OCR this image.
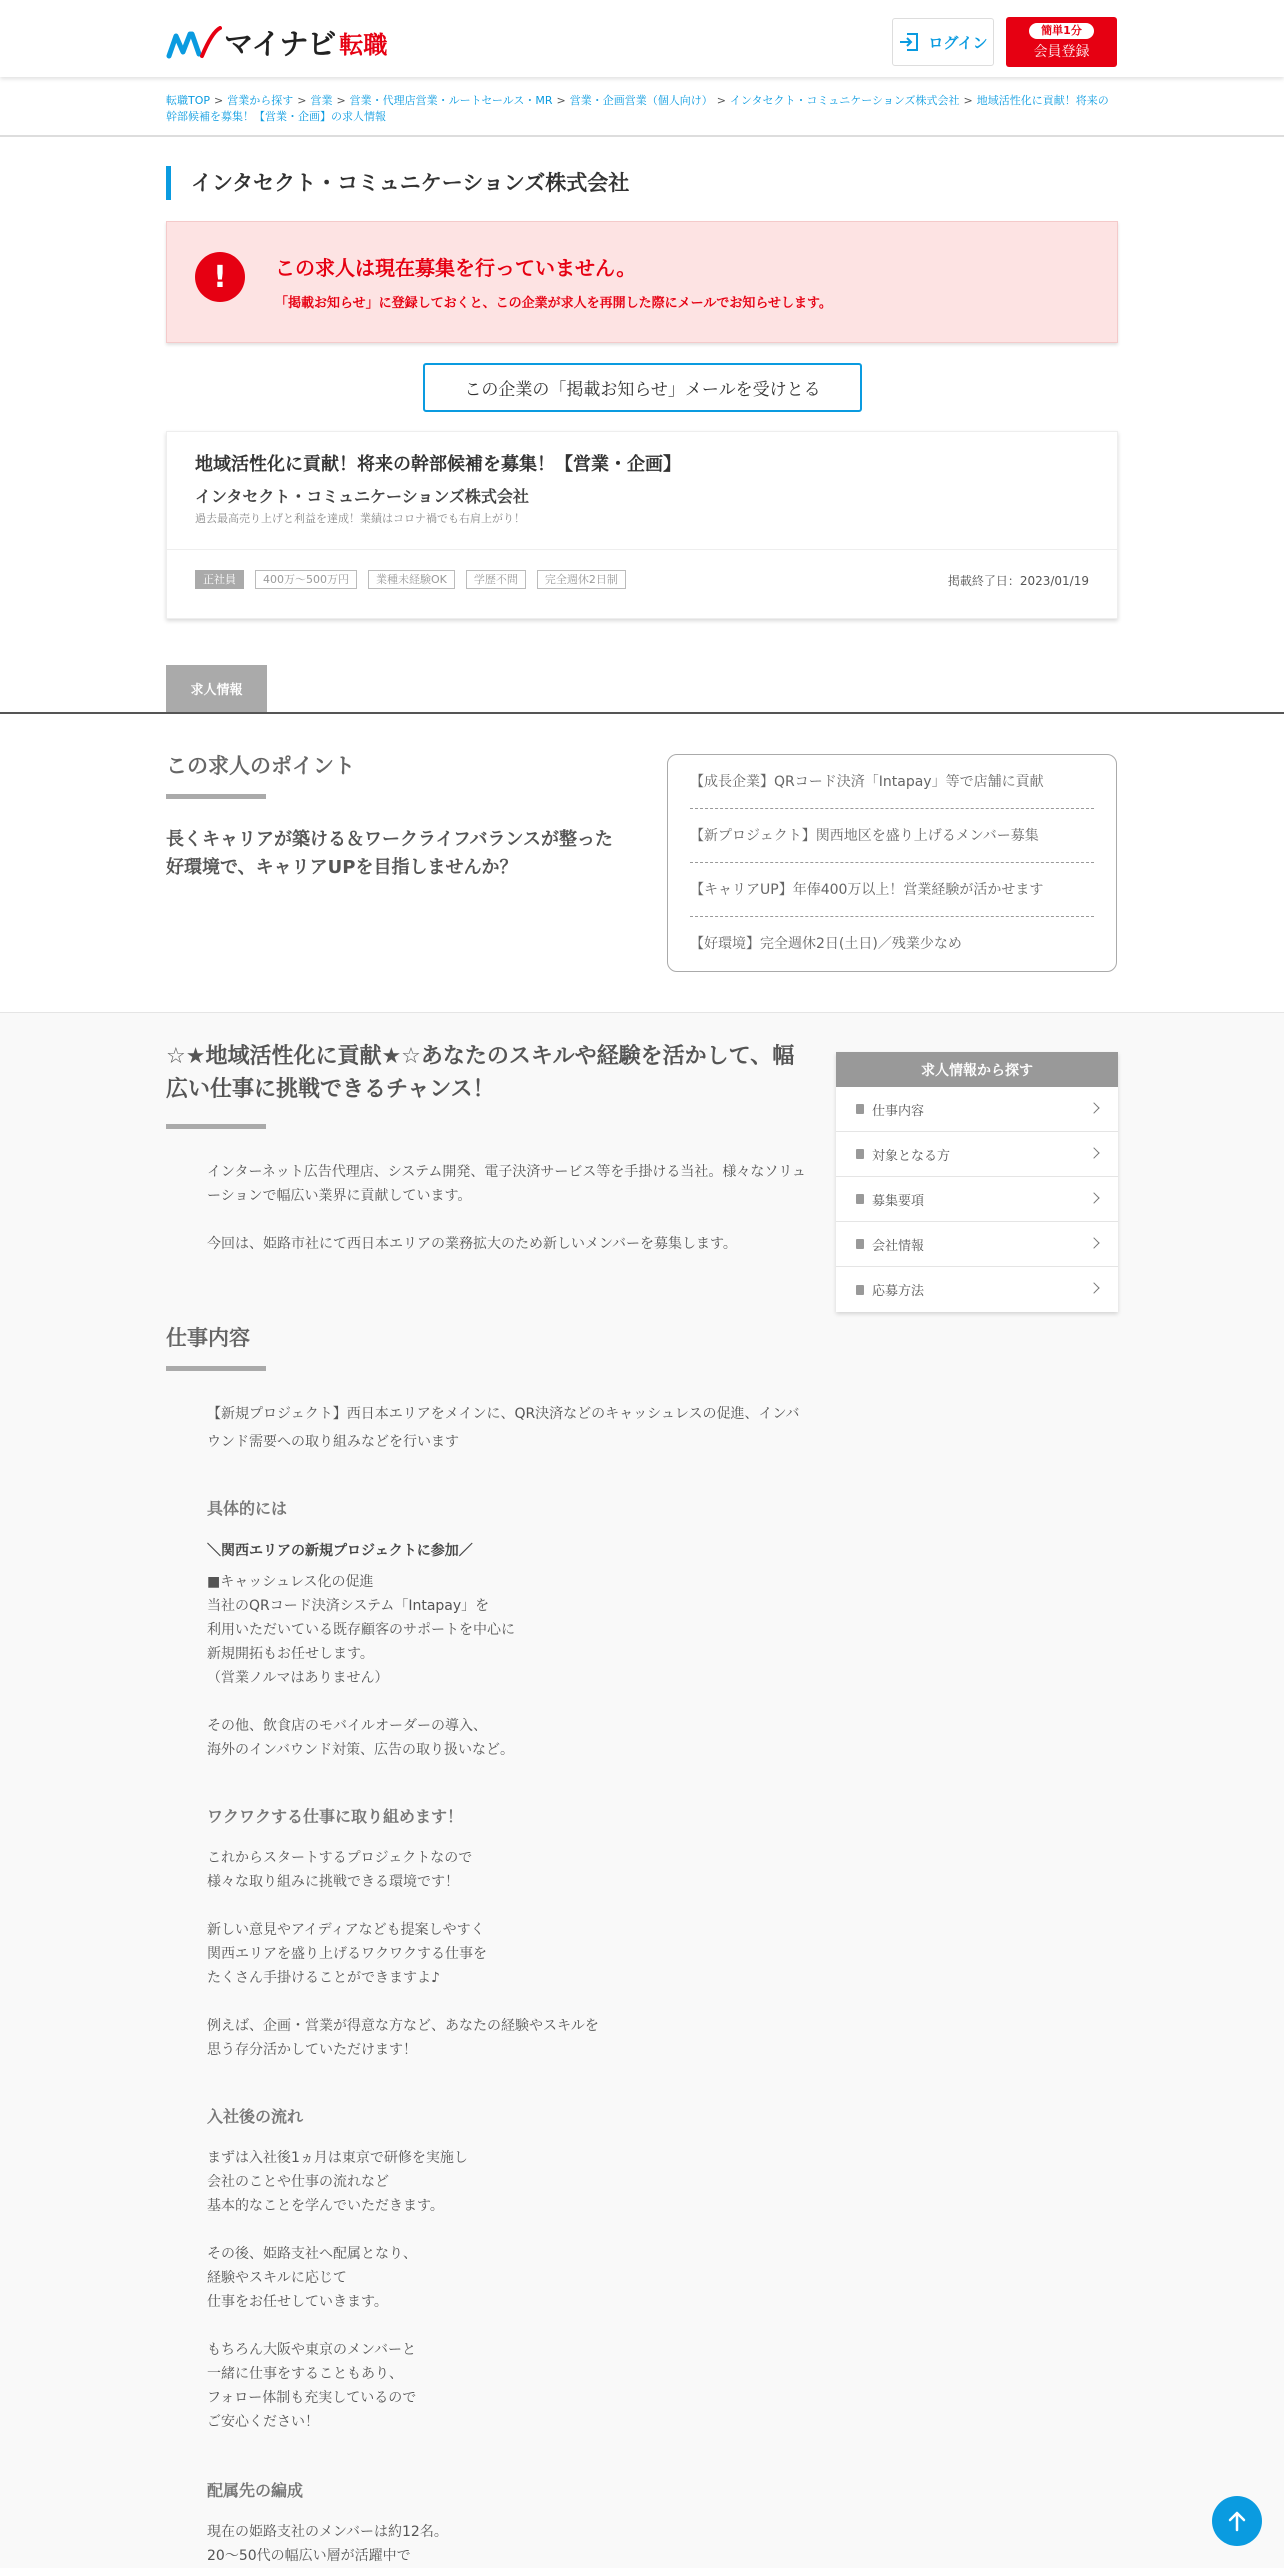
マイナビ 転職	ログイン
簡単1分
会員登録
転職TOP > 営業から探す > 営業 > 営業・代理店営業・ルートセールス・MR > 営業・企画営業（個人向け） > インタセクト・コミュニケーションズ株式会社 > 地域活性化に貢献！将来の幹部候補を募集！【営業・企画】の求人情報
インタセクト・コミュニケーションズ株式会社
!	この求人は現在募集を行っていません。
「掲載お知らせ」に登録しておくと、この企業が求人を再開した際にメールでお知らせします。
この企業の「掲載お知らせ」メールを受けとる
地域活性化に貢献！将来の幹部候補を募集！【営業・企画】
インタセクト・コミュニケーションズ株式会社
過去最高売り上げと利益を達成！業績はコロナ禍でも右肩上がり！
正社員	400万～500万円	業種未経験OK	学歴不問	完全週休2日制	掲載終了日：2023/01/19
求人情報
この求人のポイント

長くキャリアが築ける＆ワークライフバランスが整った好環境で、キャリアUPを目指しませんか？

【成長企業】QRコード決済「Intapay」等で店舗に貢献
【新プロジェクト】関西地区を盛り上げるメンバー募集
【キャリアUP】年俸400万以上！営業経験が活かせます
【好環境】完全週休2日(土日)／残業少なめ
☆★地域活性化に貢献★☆あなたのスキルや経験を活かして、幅広い仕事に挑戦できるチャンス！

インターネット広告代理店、システム開発、電子決済サービス等を手掛ける当社。様々なソリューションで幅広い業界に貢献しています。

今回は、姫路市社にて西日本エリアの業務拡大のため新しいメンバーを募集します。

求人情報から探す
仕事内容
対象となる方
募集要項
会社情報
応募方法
仕事内容

【新規プロジェクト】西日本エリアをメインに、QR決済などのキャッシュレスの促進、インバウンド需要への取り組みなどを行います

具体的には

＼関西エリアの新規プロジェクトに参加／

■キャッシュレス化の促進
当社のQRコード決済システム「Intapay」を
利用いただいている既存顧客のサポートを中心に
新規開拓もお任せします。
（営業ノルマはありません）

その他、飲食店のモバイルオーダーの導入、
海外のインバウンド対策、広告の取り扱いなど。

ワクワクする仕事に取り組めます！

これからスタートするプロジェクトなので
様々な取り組みに挑戦できる環境です！

新しい意見やアイディアなども提案しやすく
関西エリアを盛り上げるワクワクする仕事を
たくさん手掛けることができますよ♪

例えば、企画・営業が得意な方など、あなたの経験やスキルを
思う存分活かしていただけます！

入社後の流れ

まずは入社後1ヵ月は東京で研修を実施し
会社のことや仕事の流れなど
基本的なことを学んでいただきます。

その後、姫路支社へ配属となり、
経験やスキルに応じて
仕事をお任せしていきます。

もちろん大阪や東京のメンバーと
一緒に仕事をすることもあり、
フォロー体制も充実しているので
ご安心ください！

配属先の編成

現在の姫路支社のメンバーは約12名。
20～50代の幅広い層が活躍中で
